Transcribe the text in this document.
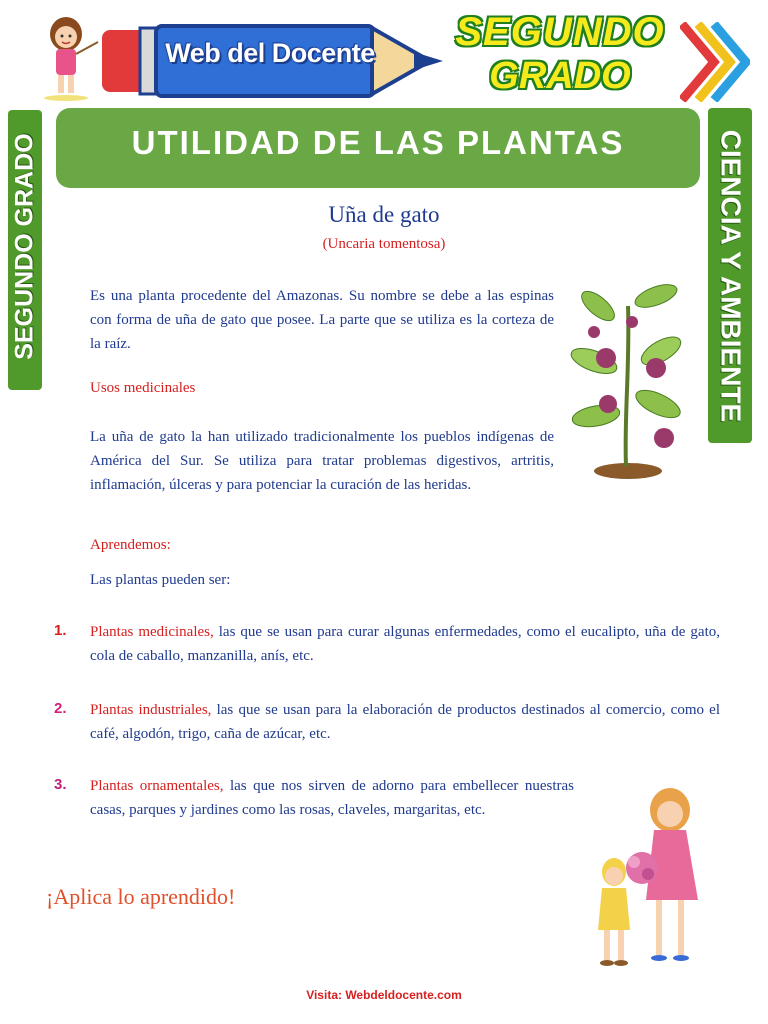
Web del Docente	SEGUNDO
GRADO
SEGUNDO GRADO	CIENCIA Y AMBIENTE
UTILIDAD DE LAS PLANTAS
Uña de gato
(Uncaria tomentosa)
Es una planta procedente del Amazonas. Su nombre se debe a las espinas con forma de uña de gato que posee. La parte que se utiliza es la corteza de la raíz.
Usos medicinales
La uña de gato la han utilizado tradicionalmente los pueblos indígenas de América del Sur. Se utiliza para tratar problemas digestivos, artritis, inflamación, úlceras y para potenciar la curación de las heridas.
Aprendemos:
Las plantas pueden ser:
1. Plantas medicinales, las que se usan para curar algunas enfermedades, como el eucalipto, uña de gato, cola de caballo, manzanilla, anís, etc.
2. Plantas industriales, las que se usan para la elaboración de productos destinados al comercio, como el café, algodón, trigo, caña de azúcar, etc.
3. Plantas ornamentales, las que nos sirven de adorno para embellecer nuestras casas, parques y jardines como las rosas, claveles, margaritas, etc.
¡Aplica lo aprendido!
Visita: Webdeldocente.com
